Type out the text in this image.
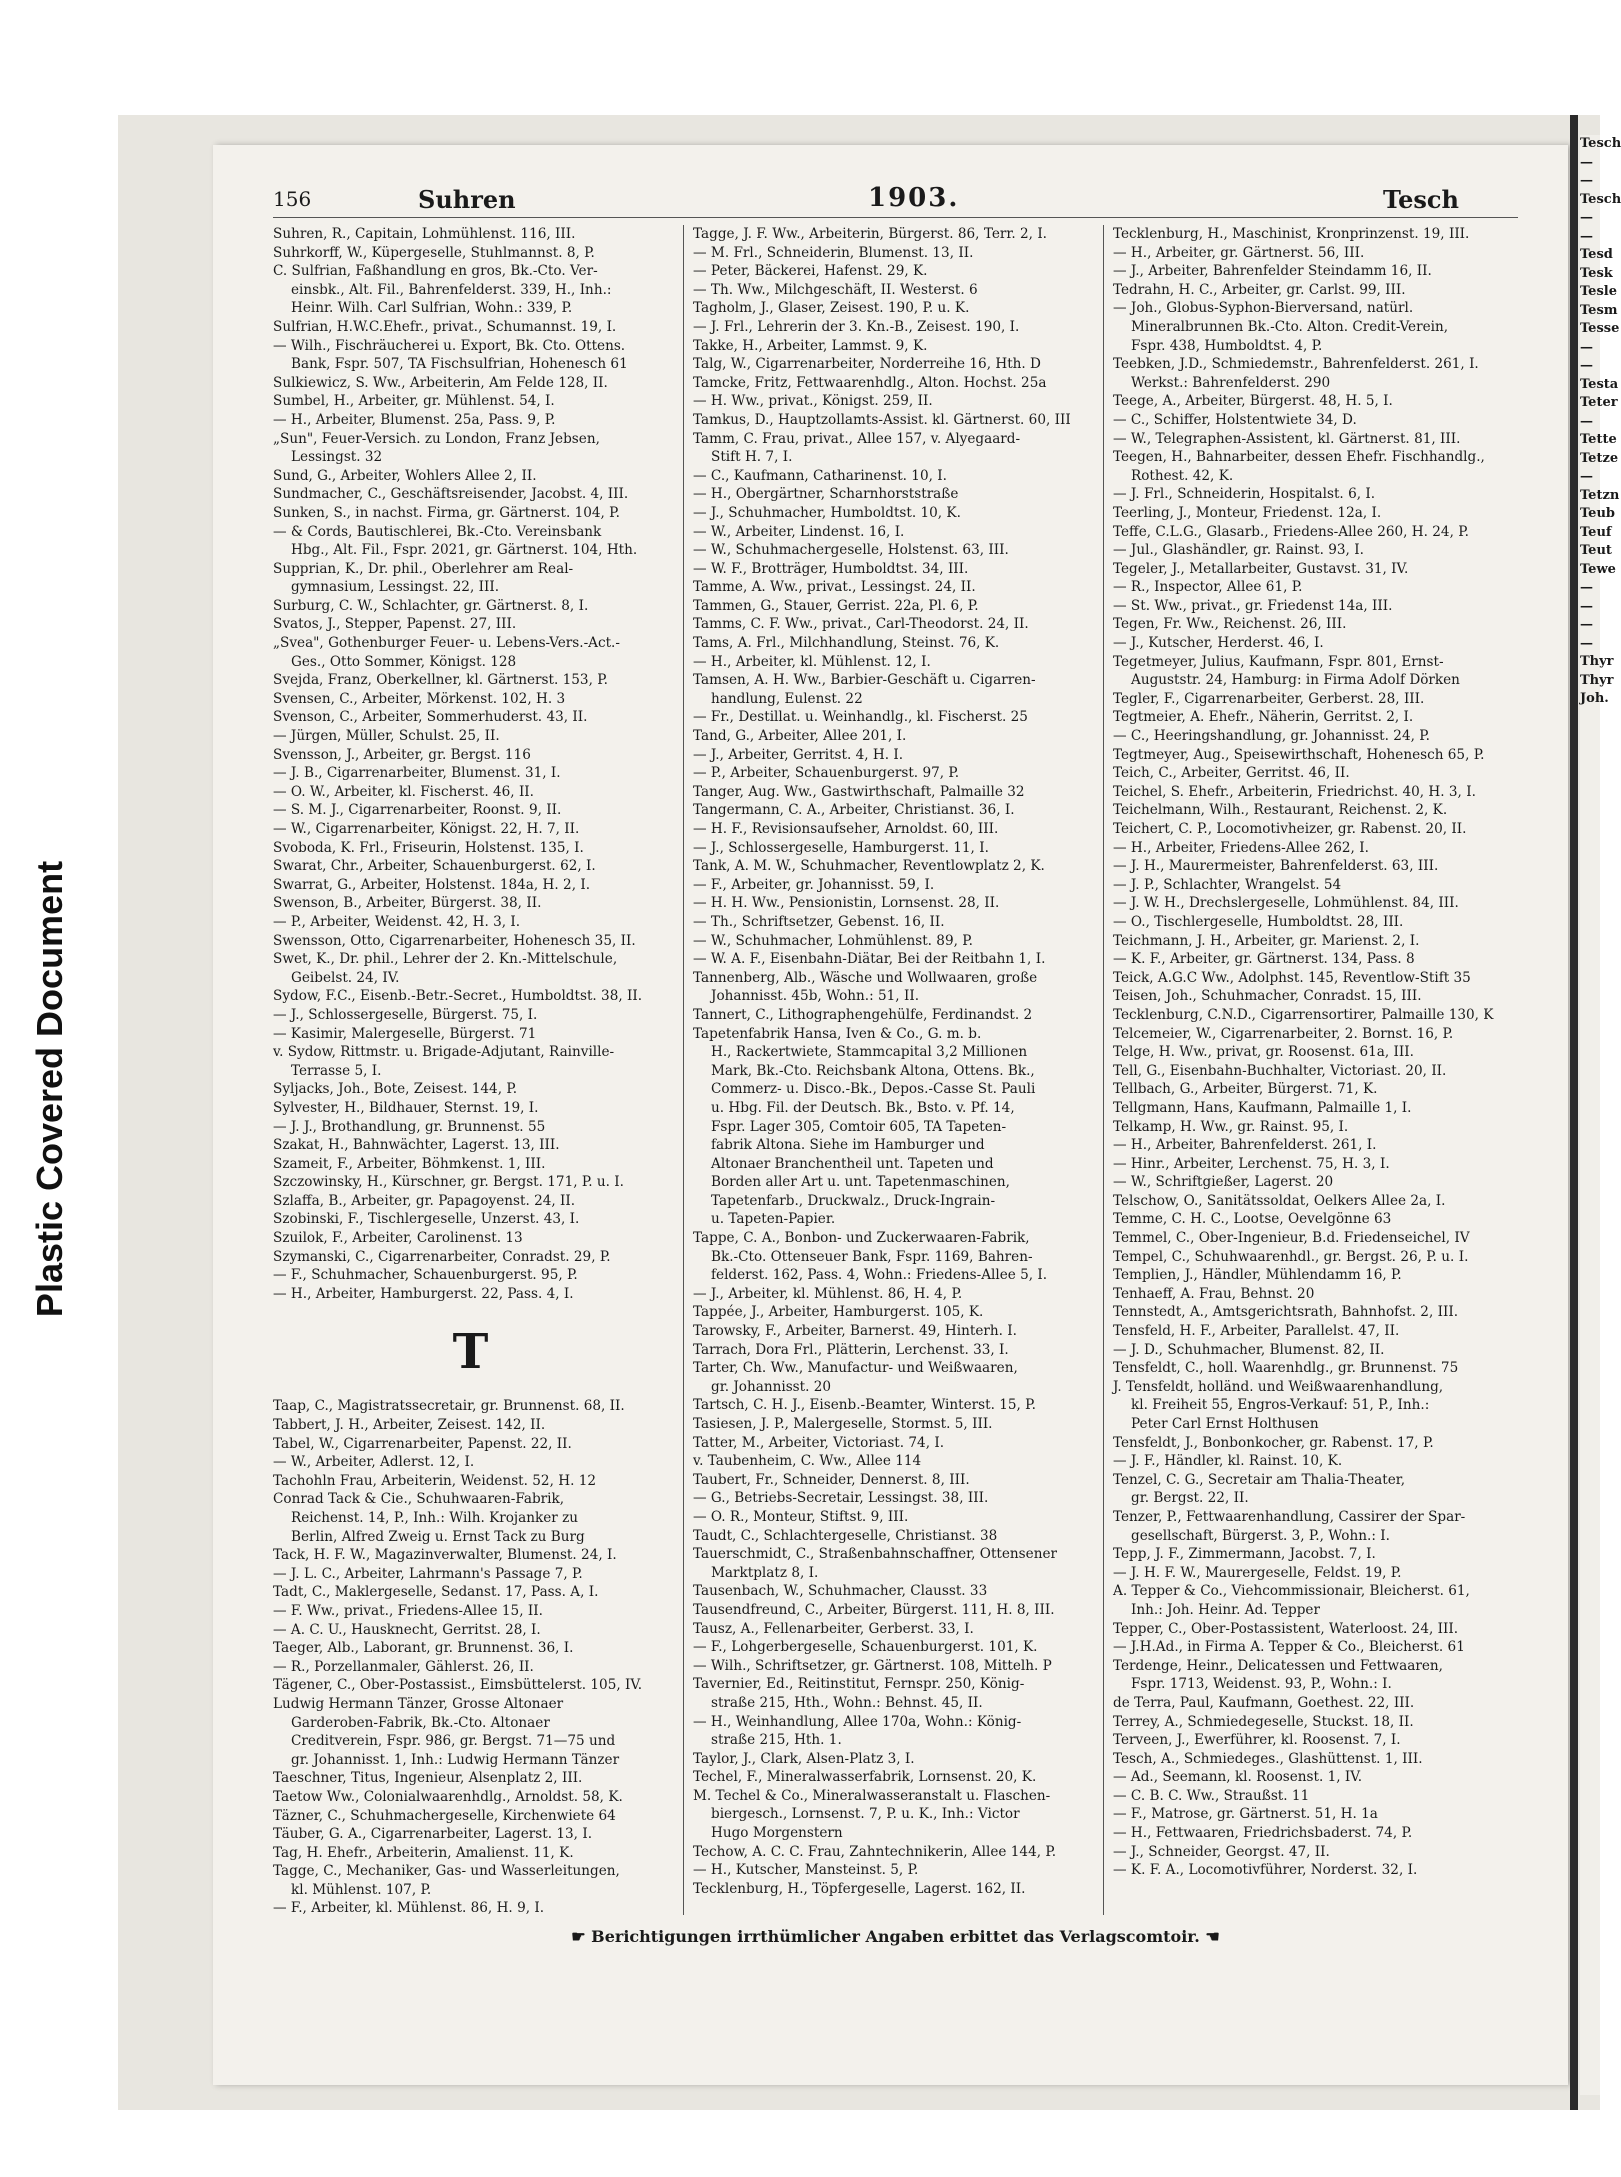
Plastic Covered Document
156	Suhren	1903.	Tesch
Suhren, R., Capitain, Lohmühlenst. 116, III.
Suhrkorff, W., Küpergeselle, Stuhlmannst. 8, P.
C. Sulfrian, Faßhandlung en gros, Bk.-Cto. Ver-
einsbk., Alt. Fil., Bahrenfelderst. 339, H., Inh.:
Heinr. Wilh. Carl Sulfrian, Wohn.: 339, P.
Sulfrian, H.W.C.Ehefr., privat., Schumannst. 19, I.
— Wilh., Fischräucherei u. Export, Bk. Cto. Ottens.
Bank, Fspr. 507, TA Fischsulfrian, Hohenesch 61
Sulkiewicz, S. Ww., Arbeiterin, Am Felde 128, II.
Sumbel, H., Arbeiter, gr. Mühlenst. 54, I.
— H., Arbeiter, Blumenst. 25a, Pass. 9, P.
„Sun", Feuer-Versich. zu London, Franz Jebsen,
Lessingst. 32
Sund, G., Arbeiter, Wohlers Allee 2, II.
Sundmacher, C., Geschäftsreisender, Jacobst. 4, III.
Sunken, S., in nachst. Firma, gr. Gärtnerst. 104, P.
— & Cords, Bautischlerei, Bk.-Cto. Vereinsbank
Hbg., Alt. Fil., Fspr. 2021, gr. Gärtnerst. 104, Hth.
Supprian, K., Dr. phil., Oberlehrer am Real-
gymnasium, Lessingst. 22, III.
Surburg, C. W., Schlachter, gr. Gärtnerst. 8, I.
Svatos, J., Stepper, Papenst. 27, III.
„Svea", Gothenburger Feuer- u. Lebens-Vers.-Act.-
Ges., Otto Sommer, Königst. 128
Svejda, Franz, Oberkellner, kl. Gärtnerst. 153, P.
Svensen, C., Arbeiter, Mörkenst. 102, H. 3
Svenson, C., Arbeiter, Sommerhuderst. 43, II.
— Jürgen, Müller, Schulst. 25, II.
Svensson, J., Arbeiter, gr. Bergst. 116
— J. B., Cigarrenarbeiter, Blumenst. 31, I.
— O. W., Arbeiter, kl. Fischerst. 46, II.
— S. M. J., Cigarrenarbeiter, Roonst. 9, II.
— W., Cigarrenarbeiter, Königst. 22, H. 7, II.
Svoboda, K. Frl., Friseurin, Holstenst. 135, I.
Swarat, Chr., Arbeiter, Schauenburgerst. 62, I.
Swarrat, G., Arbeiter, Holstenst. 184a, H. 2, I.
Swenson, B., Arbeiter, Bürgerst. 38, II.
— P., Arbeiter, Weidenst. 42, H. 3, I.
Swensson, Otto, Cigarrenarbeiter, Hohenesch 35, II.
Swet, K., Dr. phil., Lehrer der 2. Kn.-Mittelschule,
Geibelst. 24, IV.
Sydow, F.C., Eisenb.-Betr.-Secret., Humboldtst. 38, II.
— J., Schlossergeselle, Bürgerst. 75, I.
— Kasimir, Malergeselle, Bürgerst. 71
v. Sydow, Rittmstr. u. Brigade-Adjutant, Rainville-
Terrasse 5, I.
Syljacks, Joh., Bote, Zeisest. 144, P.
Sylvester, H., Bildhauer, Sternst. 19, I.
— J. J., Brothandlung, gr. Brunnenst. 55
Szakat, H., Bahnwächter, Lagerst. 13, III.
Szameit, F., Arbeiter, Böhmkenst. 1, III.
Szczowinsky, H., Kürschner, gr. Bergst. 171, P. u. I.
Szlaffa, B., Arbeiter, gr. Papagoyenst. 24, II.
Szobinski, F., Tischlergeselle, Unzerst. 43, I.
Szuilok, F., Arbeiter, Carolinenst. 13
Szymanski, C., Cigarrenarbeiter, Conradst. 29, P.
— F., Schuhmacher, Schauenburgerst. 95, P.
— H., Arbeiter, Hamburgerst. 22, Pass. 4, I.
T
Taap, C., Magistratssecretair, gr. Brunnenst. 68, II.
Tabbert, J. H., Arbeiter, Zeisest. 142, II.
Tabel, W., Cigarrenarbeiter, Papenst. 22, II.
— W., Arbeiter, Adlerst. 12, I.
Tachohln Frau, Arbeiterin, Weidenst. 52, H. 12
Conrad Tack & Cie., Schuhwaaren-Fabrik,
Reichenst. 14, P., Inh.: Wilh. Krojanker zu
Berlin, Alfred Zweig u. Ernst Tack zu Burg
Tack, H. F. W., Magazinverwalter, Blumenst. 24, I.
— J. L. C., Arbeiter, Lahrmann's Passage 7, P.
Tadt, C., Maklergeselle, Sedanst. 17, Pass. A, I.
— F. Ww., privat., Friedens-Allee 15, II.
— A. C. U., Hausknecht, Gerritst. 28, I.
Taeger, Alb., Laborant, gr. Brunnenst. 36, I.
— R., Porzellanmaler, Gählerst. 26, II.
Tägener, C., Ober-Postassist., Eimsbüttelerst. 105, IV.
Ludwig Hermann Tänzer, Grosse Altonaer
Garderoben-Fabrik, Bk.-Cto. Altonaer
Creditverein, Fspr. 986, gr. Bergst. 71—75 und
gr. Johannisst. 1, Inh.: Ludwig Hermann Tänzer
Taeschner, Titus, Ingenieur, Alsenplatz 2, III.
Taetow Ww., Colonialwaarenhdlg., Arnoldst. 58, K.
Täzner, C., Schuhmachergeselle, Kirchenwiete 64
Täuber, G. A., Cigarrenarbeiter, Lagerst. 13, I.
Tag, H. Ehefr., Arbeiterin, Amalienst. 11, K.
Tagge, C., Mechaniker, Gas- und Wasserleitungen,
kl. Mühlenst. 107, P.
— F., Arbeiter, kl. Mühlenst. 86, H. 9, I.
Tagge, J. F. Ww., Arbeiterin, Bürgerst. 86, Terr. 2, I.
— M. Frl., Schneiderin, Blumenst. 13, II.
— Peter, Bäckerei, Hafenst. 29, K.
— Th. Ww., Milchgeschäft, II. Westerst. 6
Tagholm, J., Glaser, Zeisest. 190, P. u. K.
— J. Frl., Lehrerin der 3. Kn.-B., Zeisest. 190, I.
Takke, H., Arbeiter, Lammst. 9, K.
Talg, W., Cigarrenarbeiter, Norderreihe 16, Hth. D
Tamcke, Fritz, Fettwaarenhdlg., Alton. Hochst. 25a
— H. Ww., privat., Königst. 259, II.
Tamkus, D., Hauptzollamts-Assist. kl. Gärtnerst. 60, III
Tamm, C. Frau, privat., Allee 157, v. Alyegaard-
Stift H. 7, I.
— C., Kaufmann, Catharinenst. 10, I.
— H., Obergärtner, Scharnhorststraße
— J., Schuhmacher, Humboldtst. 10, K.
— W., Arbeiter, Lindenst. 16, I.
— W., Schuhmachergeselle, Holstenst. 63, III.
— W. F., Brotträger, Humboldtst. 34, III.
Tamme, A. Ww., privat., Lessingst. 24, II.
Tammen, G., Stauer, Gerrist. 22a, Pl. 6, P.
Tamms, C. F. Ww., privat., Carl-Theodorst. 24, II.
Tams, A. Frl., Milchhandlung, Steinst. 76, K.
— H., Arbeiter, kl. Mühlenst. 12, I.
Tamsen, A. H. Ww., Barbier-Geschäft u. Cigarren-
handlung, Eulenst. 22
— Fr., Destillat. u. Weinhandlg., kl. Fischerst. 25
Tand, G., Arbeiter, Allee 201, I.
— J., Arbeiter, Gerritst. 4, H. I.
— P., Arbeiter, Schauenburgerst. 97, P.
Tanger, Aug. Ww., Gastwirthschaft, Palmaille 32
Tangermann, C. A., Arbeiter, Christianst. 36, I.
— H. F., Revisionsaufseher, Arnoldst. 60, III.
— J., Schlossergeselle, Hamburgerst. 11, I.
Tank, A. M. W., Schuhmacher, Reventlowplatz 2, K.
— F., Arbeiter, gr. Johannisst. 59, I.
— H. H. Ww., Pensionistin, Lornsenst. 28, II.
— Th., Schriftsetzer, Gebenst. 16, II.
— W., Schuhmacher, Lohmühlenst. 89, P.
— W. A. F., Eisenbahn-Diätar, Bei der Reitbahn 1, I.
Tannenberg, Alb., Wäsche und Wollwaaren, große
Johannisst. 45b, Wohn.: 51, II.
Tannert, C., Lithographengehülfe, Ferdinandst. 2
Tapetenfabrik Hansa, Iven & Co., G. m. b.
H., Rackertwiete, Stammcapital 3,2 Millionen
Mark, Bk.-Cto. Reichsbank Altona, Ottens. Bk.,
Commerz- u. Disco.-Bk., Depos.-Casse St. Pauli
u. Hbg. Fil. der Deutsch. Bk., Bsto. v. Pf. 14,
Fspr. Lager 305, Comtoir 605, TA Tapeten-
fabrik Altona. Siehe im Hamburger und
Altonaer Branchentheil unt. Tapeten und
Borden aller Art u. unt. Tapetenmaschinen,
Tapetenfarb., Druckwalz., Druck-Ingrain-
u. Tapeten-Papier.
Tappe, C. A., Bonbon- und Zuckerwaaren-Fabrik,
Bk.-Cto. Ottenseuer Bank, Fspr. 1169, Bahren-
felderst. 162, Pass. 4, Wohn.: Friedens-Allee 5, I.
— J., Arbeiter, kl. Mühlenst. 86, H. 4, P.
Tappée, J., Arbeiter, Hamburgerst. 105, K.
Tarowsky, F., Arbeiter, Barnerst. 49, Hinterh. I.
Tarrach, Dora Frl., Plätterin, Lerchenst. 33, I.
Tarter, Ch. Ww., Manufactur- und Weißwaaren,
gr. Johannisst. 20
Tartsch, C. H. J., Eisenb.-Beamter, Winterst. 15, P.
Tasiesen, J. P., Malergeselle, Stormst. 5, III.
Tatter, M., Arbeiter, Victoriast. 74, I.
v. Taubenheim, C. Ww., Allee 114
Taubert, Fr., Schneider, Dennerst. 8, III.
— G., Betriebs-Secretair, Lessingst. 38, III.
— O. R., Monteur, Stiftst. 9, III.
Taudt, C., Schlachtergeselle, Christianst. 38
Tauerschmidt, C., Straßenbahnschaffner, Ottensener
Marktplatz 8, I.
Tausenbach, W., Schuhmacher, Clausst. 33
Tausendfreund, C., Arbeiter, Bürgerst. 111, H. 8, III.
Tausz, A., Fellenarbeiter, Gerberst. 33, I.
— F., Lohgerbergeselle, Schauenburgerst. 101, K.
— Wilh., Schriftsetzer, gr. Gärtnerst. 108, Mittelh. P
Tavernier, Ed., Reitinstitut, Fernspr. 250, König-
straße 215, Hth., Wohn.: Behnst. 45, II.
— H., Weinhandlung, Allee 170a, Wohn.: König-
straße 215, Hth. 1.
Taylor, J., Clark, Alsen-Platz 3, I.
Techel, F., Mineralwasserfabrik, Lornsenst. 20, K.
M. Techel & Co., Mineralwasseranstalt u. Flaschen-
biergesch., Lornsenst. 7, P. u. K., Inh.: Victor
Hugo Morgenstern
Techow, A. C. C. Frau, Zahntechnikerin, Allee 144, P.
— H., Kutscher, Mansteinst. 5, P.
Tecklenburg, H., Töpfergeselle, Lagerst. 162, II.
Tecklenburg, H., Maschinist, Kronprinzenst. 19, III.
— H., Arbeiter, gr. Gärtnerst. 56, III.
— J., Arbeiter, Bahrenfelder Steindamm 16, II.
Tedrahn, H. C., Arbeiter, gr. Carlst. 99, III.
— Joh., Globus-Syphon-Bierversand, natürl.
Mineralbrunnen Bk.-Cto. Alton. Credit-Verein,
Fspr. 438, Humboldtst. 4, P.
Teebken, J.D., Schmiedemstr., Bahrenfelderst. 261, I.
Werkst.: Bahrenfelderst. 290
Teege, A., Arbeiter, Bürgerst. 48, H. 5, I.
— C., Schiffer, Holstentwiete 34, D.
— W., Telegraphen-Assistent, kl. Gärtnerst. 81, III.
Teegen, H., Bahnarbeiter, dessen Ehefr. Fischhandlg.,
Rothest. 42, K.
— J. Frl., Schneiderin, Hospitalst. 6, I.
Teerling, J., Monteur, Friedenst. 12a, I.
Teffe, C.L.G., Glasarb., Friedens-Allee 260, H. 24, P.
— Jul., Glashändler, gr. Rainst. 93, I.
Tegeler, J., Metallarbeiter, Gustavst. 31, IV.
— R., Inspector, Allee 61, P.
— St. Ww., privat., gr. Friedenst 14a, III.
Tegen, Fr. Ww., Reichenst. 26, III.
— J., Kutscher, Herderst. 46, I.
Tegetmeyer, Julius, Kaufmann, Fspr. 801, Ernst-
Auguststr. 24, Hamburg: in Firma Adolf Dörken
Tegler, F., Cigarrenarbeiter, Gerberst. 28, III.
Tegtmeier, A. Ehefr., Näherin, Gerritst. 2, I.
— C., Heeringshandlung, gr. Johannisst. 24, P.
Tegtmeyer, Aug., Speisewirthschaft, Hohenesch 65, P.
Teich, C., Arbeiter, Gerritst. 46, II.
Teichel, S. Ehefr., Arbeiterin, Friedrichst. 40, H. 3, I.
Teichelmann, Wilh., Restaurant, Reichenst. 2, K.
Teichert, C. P., Locomotivheizer, gr. Rabenst. 20, II.
— H., Arbeiter, Friedens-Allee 262, I.
— J. H., Maurermeister, Bahrenfelderst. 63, III.
— J. P., Schlachter, Wrangelst. 54
— J. W. H., Drechslergeselle, Lohmühlenst. 84, III.
— O., Tischlergeselle, Humboldtst. 28, III.
Teichmann, J. H., Arbeiter, gr. Marienst. 2, I.
— K. F., Arbeiter, gr. Gärtnerst. 134, Pass. 8
Teick, A.G.C Ww., Adolphst. 145, Reventlow-Stift 35
Teisen, Joh., Schuhmacher, Conradst. 15, III.
Tecklenburg, C.N.D., Cigarrensortirer, Palmaille 130, K
Telcemeier, W., Cigarrenarbeiter, 2. Bornst. 16, P.
Telge, H. Ww., privat, gr. Roosenst. 61a, III.
Tell, G., Eisenbahn-Buchhalter, Victoriast. 20, II.
Tellbach, G., Arbeiter, Bürgerst. 71, K.
Tellgmann, Hans, Kaufmann, Palmaille 1, I.
Telkamp, H. Ww., gr. Rainst. 95, I.
— H., Arbeiter, Bahrenfelderst. 261, I.
— Hinr., Arbeiter, Lerchenst. 75, H. 3, I.
— W., Schriftgießer, Lagerst. 20
Telschow, O., Sanitätssoldat, Oelkers Allee 2a, I.
Temme, C. H. C., Lootse, Oevelgönne 63
Temmel, C., Ober-Ingenieur, B.d. Friedenseichel, IV
Tempel, C., Schuhwaarenhdl., gr. Bergst. 26, P. u. I.
Templien, J., Händler, Mühlendamm 16, P.
Tenhaeff, A. Frau, Behnst. 20
Tennstedt, A., Amtsgerichtsrath, Bahnhofst. 2, III.
Tensfeld, H. F., Arbeiter, Parallelst. 47, II.
— J. D., Schuhmacher, Blumenst. 82, II.
Tensfeldt, C., holl. Waarenhdlg., gr. Brunnenst. 75
J. Tensfeldt, holländ. und Weißwaarenhandlung,
kl. Freiheit 55, Engros-Verkauf: 51, P., Inh.:
Peter Carl Ernst Holthusen
Tensfeldt, J., Bonbonkocher, gr. Rabenst. 17, P.
— J. F., Händler, kl. Rainst. 10, K.
Tenzel, C. G., Secretair am Thalia-Theater,
gr. Bergst. 22, II.
Tenzer, P., Fettwaarenhandlung, Cassirer der Spar-
gesellschaft, Bürgerst. 3, P., Wohn.: I.
Tepp, J. F., Zimmermann, Jacobst. 7, I.
— J. H. F. W., Maurergeselle, Feldst. 19, P.
A. Tepper & Co., Viehcommissionair, Bleicherst. 61,
Inh.: Joh. Heinr. Ad. Tepper
Tepper, C., Ober-Postassistent, Waterloost. 24, III.
— J.H.Ad., in Firma A. Tepper & Co., Bleicherst. 61
Terdenge, Heinr., Delicatessen und Fettwaaren,
Fspr. 1713, Weidenst. 93, P., Wohn.: I.
de Terra, Paul, Kaufmann, Goethest. 22, III.
Terrey, A., Schmiedegeselle, Stuckst. 18, II.
Terveen, J., Ewerführer, kl. Roosenst. 7, I.
Tesch, A., Schmiedeges., Glashüttenst. 1, III.
— Ad., Seemann, kl. Roosenst. 1, IV.
— C. B. C. Ww., Straußst. 11
— F., Matrose, gr. Gärtnerst. 51, H. 1a
— H., Fettwaaren, Friedrichsbaderst. 74, P.
— J., Schneider, Georgst. 47, II.
— K. F. A., Locomotivführer, Norderst. 32, I.
☛ Berichtigungen irrthümlicher Angaben erbittet das Verlagscomtoir. ☚
Tesch
—
—
Tesch
—
—
Tesd
Tesk
Tesle
Tesm
Tesse
—
—
Testa
Teter
—
Tette
Tetze
—
Tetzn
Teub
Teuf
Teut
Tewe
—
—
—
—
Thyr
Thyr
Joh.
